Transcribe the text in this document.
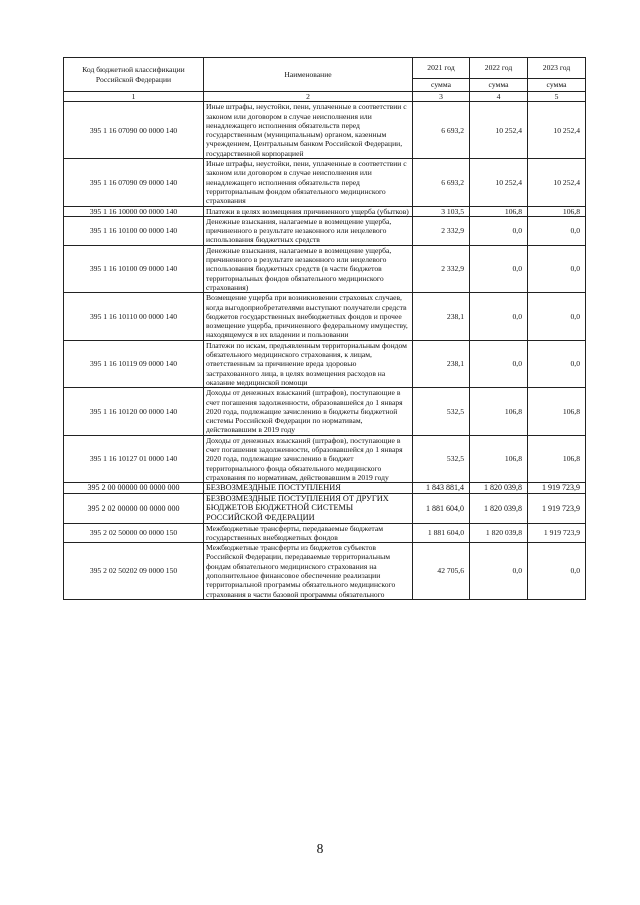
Код бюджетной классификации Российской Федерации	Наименование	2021 год	2022 год	2023 год
		сумма	сумма	сумма
1	2	3	4	5
395 1 16 07090 00 0000 140	Иные штрафы, неустойки, пени, уплаченные в соответствии с законом или договором в случае неисполнения или ненадлежащего исполнения обязательств перед государственным (муниципальным) органом, казенным учреждением, Центральным банком Российской Федерации, государственной корпорацией	6 693,2	10 252,4	10 252,4
395 1 16 07090 09 0000 140	Иные штрафы, неустойки, пени, уплаченные в соответствии с законом или договором в случае неисполнения или ненадлежащего исполнения обязательств перед территориальным фондом обязательного медицинского страхования	6 693,2	10 252,4	10 252,4
395 1 16 10000 00 0000 140	Платежи в целях возмещения причиненного ущерба (убытков)	3 103,5	106,8	106,8
395 1 16 10100 00 0000 140	Денежные взыскания, налагаемые в возмещение ущерба, причиненного в результате незаконного или нецелевого использования бюджетных средств	2 332,9	0,0	0,0
395 1 16 10100 09 0000 140	Денежные взыскания, налагаемые в возмещение ущерба, причиненного в результате незаконного или нецелевого использования бюджетных средств (в части бюджетов территориальных фондов обязательного медицинского страхования)	2 332,9	0,0	0,0
395 1 16 10110 00 0000 140	Возмещение ущерба при возникновении страховых случаев, когда выгодоприобретателями выступают получатели средств бюджетов государственных внебюджетных фондов и прочее возмещение ущерба, причиненного федеральному имуществу, находящемуся в их владении и пользовании	238,1	0,0	0,0
395 1 16 10119 09 0000 140	Платежи по искам, предъявленным территориальным фондом обязательного медицинского страхования, к лицам, ответственным за причинение вреда здоровью застрахованного лица, в целях возмещения расходов на оказание медицинской помощи	238,1	0,0	0,0
395 1 16 10120 00 0000 140	Доходы от денежных взысканий (штрафов), поступающие в счет погашения задолженности, образовавшейся до 1 января 2020 года, подлежащие зачислению в бюджеты бюджетной системы Российской Федерации по нормативам, действовавшим в 2019 году	532,5	106,8	106,8
395 1 16 10127 01 0000 140	Доходы от денежных взысканий (штрафов), поступающие в счет погашения задолженности, образовавшейся до 1 января 2020 года, подлежащие зачислению в бюджет территориального фонда обязательного медицинского страхования по нормативам, действовавшим в 2019 году	532,5	106,8	106,8
395 2 00 00000 00 0000 000	БЕЗВОЗМЕЗДНЫЕ ПОСТУПЛЕНИЯ	1 843 881,4	1 820 039,8	1 919 723,9
395 2 02 00000 00 0000 000	БЕЗВОЗМЕЗДНЫЕ ПОСТУПЛЕНИЯ ОТ ДРУГИХ БЮДЖЕТОВ БЮДЖЕТНОЙ СИСТЕМЫ РОССИЙСКОЙ ФЕДЕРАЦИИ	1 881 604,0	1 820 039,8	1 919 723,9
395 2 02 50000 00 0000 150	Межбюджетные трансферты, передаваемые бюджетам государственных внебюджетных фондов	1 881 604,0	1 820 039,8	1 919 723,9
395 2 02 50202 09 0000 150	Межбюджетные трансферты из бюджетов субъектов Российской Федерации, передаваемые территориальным фондам обязательного медицинского страхования на дополнительное финансовое обеспечение реализации территориальной программы обязательного медицинского страхования в части базовой программы обязательного	42 705,6	0,0	0,0
8
